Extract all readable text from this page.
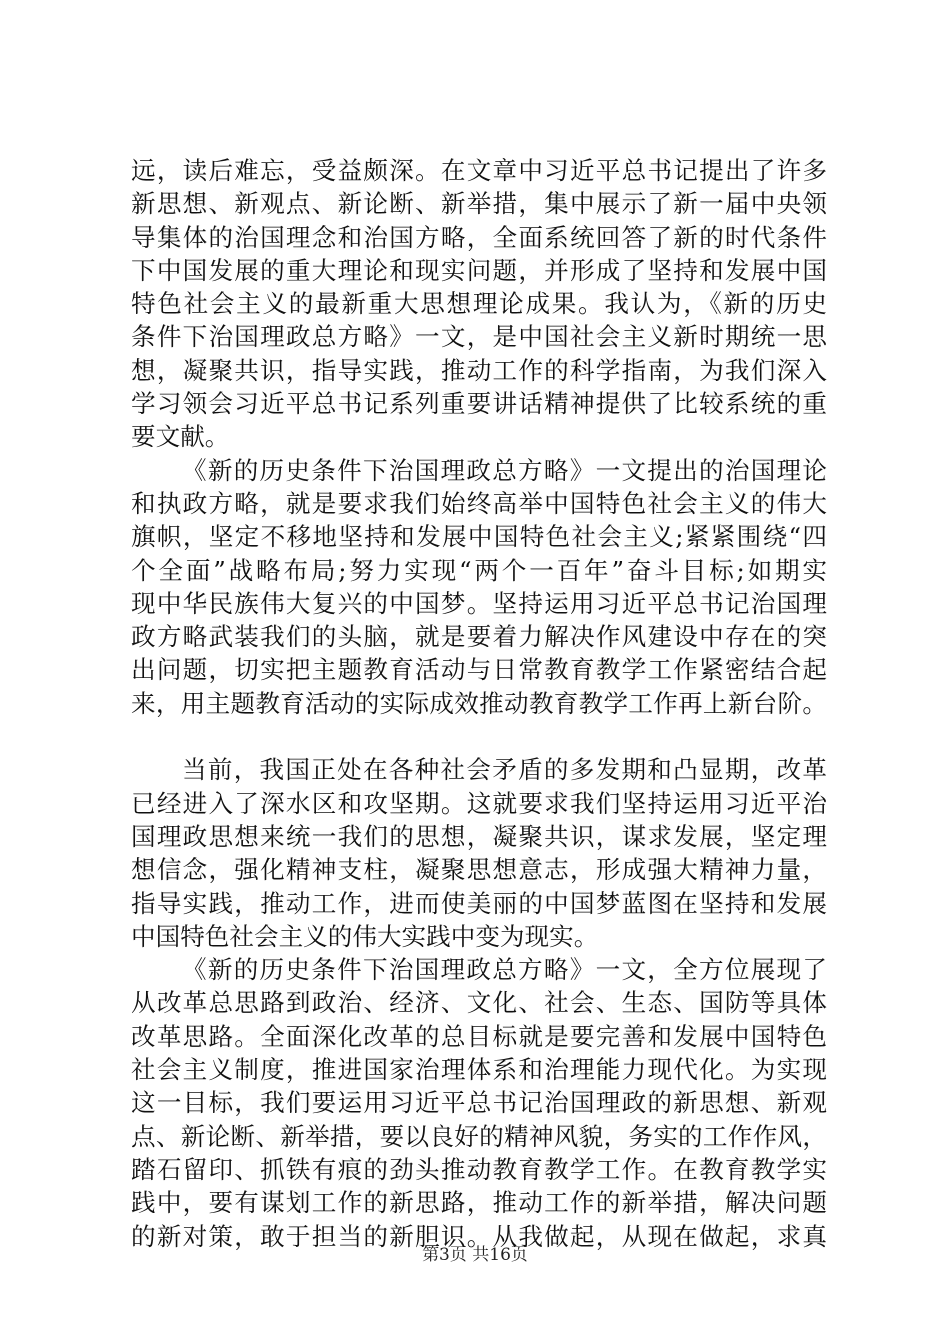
远，读后难忘，受益颇深。在文章中习近平总书记提出了许多
新思想、新观点、新论断、新举措，集中展示了新一届中央领
导集体的治国理念和治国方略，全面系统回答了新的时代条件
下中国发展的重大理论和现实问题，并形成了坚持和发展中国
特色社会主义的最新重大思想理论成果。我认为，《新的历史
条件下治国理政总方略》一文，是中国社会主义新时期统一思
想，凝聚共识，指导实践，推动工作的科学指南，为我们深入
学习领会习近平总书记系列重要讲话精神提供了比较系统的重
要文献。
《新的历史条件下治国理政总方略》一文提出的治国理论
和执政方略，就是要求我们始终高举中国特色社会主义的伟大
旗帜，坚定不移地坚持和发展中国特色社会主义;紧紧围绕“四
个全面”战略布局;努力实现“两个一百年”奋斗目标;如期实
现中华民族伟大复兴的中国梦。坚持运用习近平总书记治国理
政方略武装我们的头脑，就是要着力解决作风建设中存在的突
出问题，切实把主题教育活动与日常教育教学工作紧密结合起
来，用主题教育活动的实际成效推动教育教学工作再上新台阶。
当前，我国正处在各种社会矛盾的多发期和凸显期，改革
已经进入了深水区和攻坚期。这就要求我们坚持运用习近平治
国理政思想来统一我们的思想，凝聚共识，谋求发展，坚定理
想信念，强化精神支柱，凝聚思想意志，形成强大精神力量，
指导实践，推动工作，进而使美丽的中国梦蓝图在坚持和发展
中国特色社会主义的伟大实践中变为现实。
《新的历史条件下治国理政总方略》一文，全方位展现了
从改革总思路到政治、经济、文化、社会、生态、国防等具体
改革思路。全面深化改革的总目标就是要完善和发展中国特色
社会主义制度，推进国家治理体系和治理能力现代化。为实现
这一目标，我们要运用习近平总书记治国理政的新思想、新观
点、新论断、新举措，要以良好的精神风貌，务实的工作作风，
踏石留印、抓铁有痕的劲头推动教育教学工作。在教育教学实
践中，要有谋划工作的新思路，推动工作的新举措，解决问题
的新对策，敢于担当的新胆识。从我做起，从现在做起，求真
第3页 共16页
